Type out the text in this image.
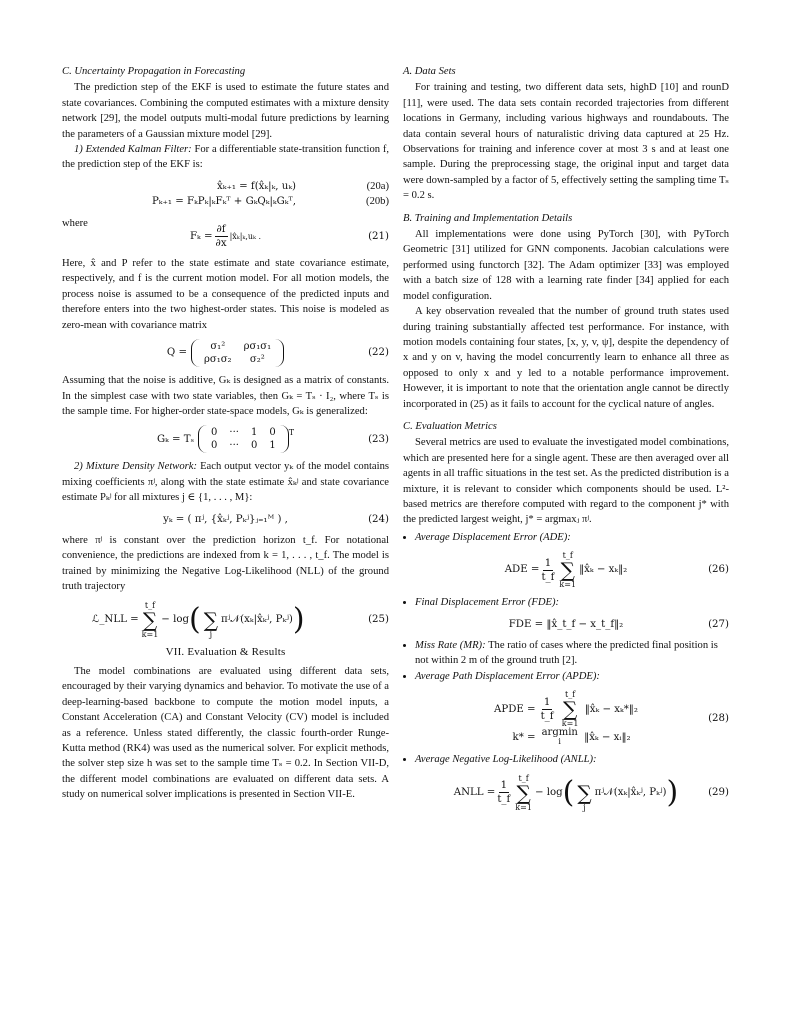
C. Uncertainty Propagation in Forecasting

The prediction step of the EKF is used to estimate the future states and state covariances. Combining the computed estimates with a mixture density network [29], the model outputs multi-modal future predictions by learning the parameters of a Gaussian mixture model [29].

1) Extended Kalman Filter: For a differentiable state-transition function f, the prediction step of the EKF is:

x̂ₖ₊₁ = f(x̂ₖ|ₖ, uₖ)
Pₖ₊₁ = FₖPₖ|ₖFₖᵀ + GₖQₖ|ₖGₖᵀ,
(20a)
(20b)
where
$F_k = \frac{\partial f}{\partial x}$ |x̂ₖ|ₖ,uₖ .	(21)

Here, x̂ and P refer to the state estimate and state covariance estimate, respectively, and f is the current motion model. For all motion models, the process noise is assumed to be a consequence of the predicted inputs and therefore enters into the two highest-order states. This noise is modeled as zero-mean with covariance matrix

Q =
σ₁²	ρσ₁σ₁
ρσ₁σ₂	σ₂²
(22)

Assuming that the noise is additive, Gₖ is designed as a matrix of constants. In the simplest case with two state variables, then Gₖ = Tₛ · I₂, where Tₛ is the sample time. For higher-order state-space models, Gₖ is generalized:

Gₖ = Tₛ
0	···	1	0
0	···	0	1
$^T$
(23)

2) Mixture Density Network: Each output vector yₖ of the model contains mixing coefficients πʲ, along with the state estimate x̂ₖʲ and state covariance estimate Pₖʲ for all mixtures j ∈ {1, . . . , M}:

yₖ = ( πʲ, {x̂ₖʲ, Pₖʲ}ⱼ₌₁ᴹ ) ,	(24)

where πʲ is constant over the prediction horizon t_f. For notational convenience, the predictions are indexed from k = 1, . . . , t_f. The model is trained by minimizing the Negative Log-Likelihood (NLL) of the ground truth trajectory

ℒ_NLL =
t_f
∑
k=1
− log (
∑
j
πʲ𝒩(xₖ|x̂ₖʲ, Pₖʲ) )	(25)
VII. Evaluation & Results

The model combinations are evaluated using different data sets, encouraged by their varying dynamics and behavior. To motivate the use of a deep-learning-based backbone to compute the motion model inputs, a Constant Acceleration (CA) and Constant Velocity (CV) model is included as a reference. Unless stated differently, the classic fourth-order Runge-Kutta method (RK4) was used as the numerical solver. For explicit methods, the solver step size h was set to the sample time Tₛ = 0.2. In Section VII-D, the different model combinations are evaluated on different data sets. A study on numerical solver implications is presented in Section VII-E.

A. Data Sets

For training and testing, two different data sets, highD [10] and rounD [11], were used. The data sets contain recorded trajectories from different locations in Germany, including various highways and roundabouts. The data contain several hours of naturalistic driving data captured at 25 Hz. Observations for training and inference cover at most 3 s and at least one sample. During the preprocessing stage, the original input and target data were down-sampled by a factor of 5, effectively setting the sampling time Tₛ = 0.2 s.

B. Training and Implementation Details

All implementations were done using PyTorch [30], with PyTorch Geometric [31] utilized for GNN components. Jacobian calculations were performed using functorch [32]. The Adam optimizer [33] was employed with a batch size of 128 with a learning rate finder [34] applied for each model configuration.

A key observation revealed that the number of ground truth states used during training substantially affected test performance. For instance, with motion models containing four states, [x, y, v, ψ], despite the dependency of x and y on v, having the model concurrently learn to enhance all three as opposed to only x and y led to a notable performance improvement. However, it is important to note that the orientation angle cannot be directly incorporated in (25) as it fails to account for the cyclical nature of angles.

C. Evaluation Metrics

Several metrics are used to evaluate the investigated model combinations, which are presented here for a single agent. These are then averaged over all agents in all traffic situations in the test set. As the predicted distribution is a mixture, it is relevant to consider which components should be used. L²-based metrics are therefore computed with regard to the component j* with the predicted largest weight, j* = argmaxⱼ πʲ.

• Average Displacement Error (ADE):
ADE = $\frac{1}{t\_f}$
t_f
∑
k=1
‖x̂ₖ − xₖ‖₂	(26)
• Final Displacement Error (FDE):
FDE = ‖x̂_t_f − x_t_f‖₂	(27)
• Miss Rate (MR): The ratio of cases where the predicted final position is not within 2 m of the ground truth [2].
• Average Path Displacement Error (APDE):
APDE = $\frac{1}{t\_f}$

t_f
∑
k=1
‖x̂ₖ − xₖ*‖₂
k* = argmin
i ‖x̂ₖ − xᵢ‖₂
(28)
• Average Negative Log-Likelihood (ANLL):
ANLL = $\frac{1}{t\_f}$
t_f
∑
k=1
− log (
∑
j
πʲ𝒩(xₖ|x̂ₖʲ, Pₖʲ) )	(29)
